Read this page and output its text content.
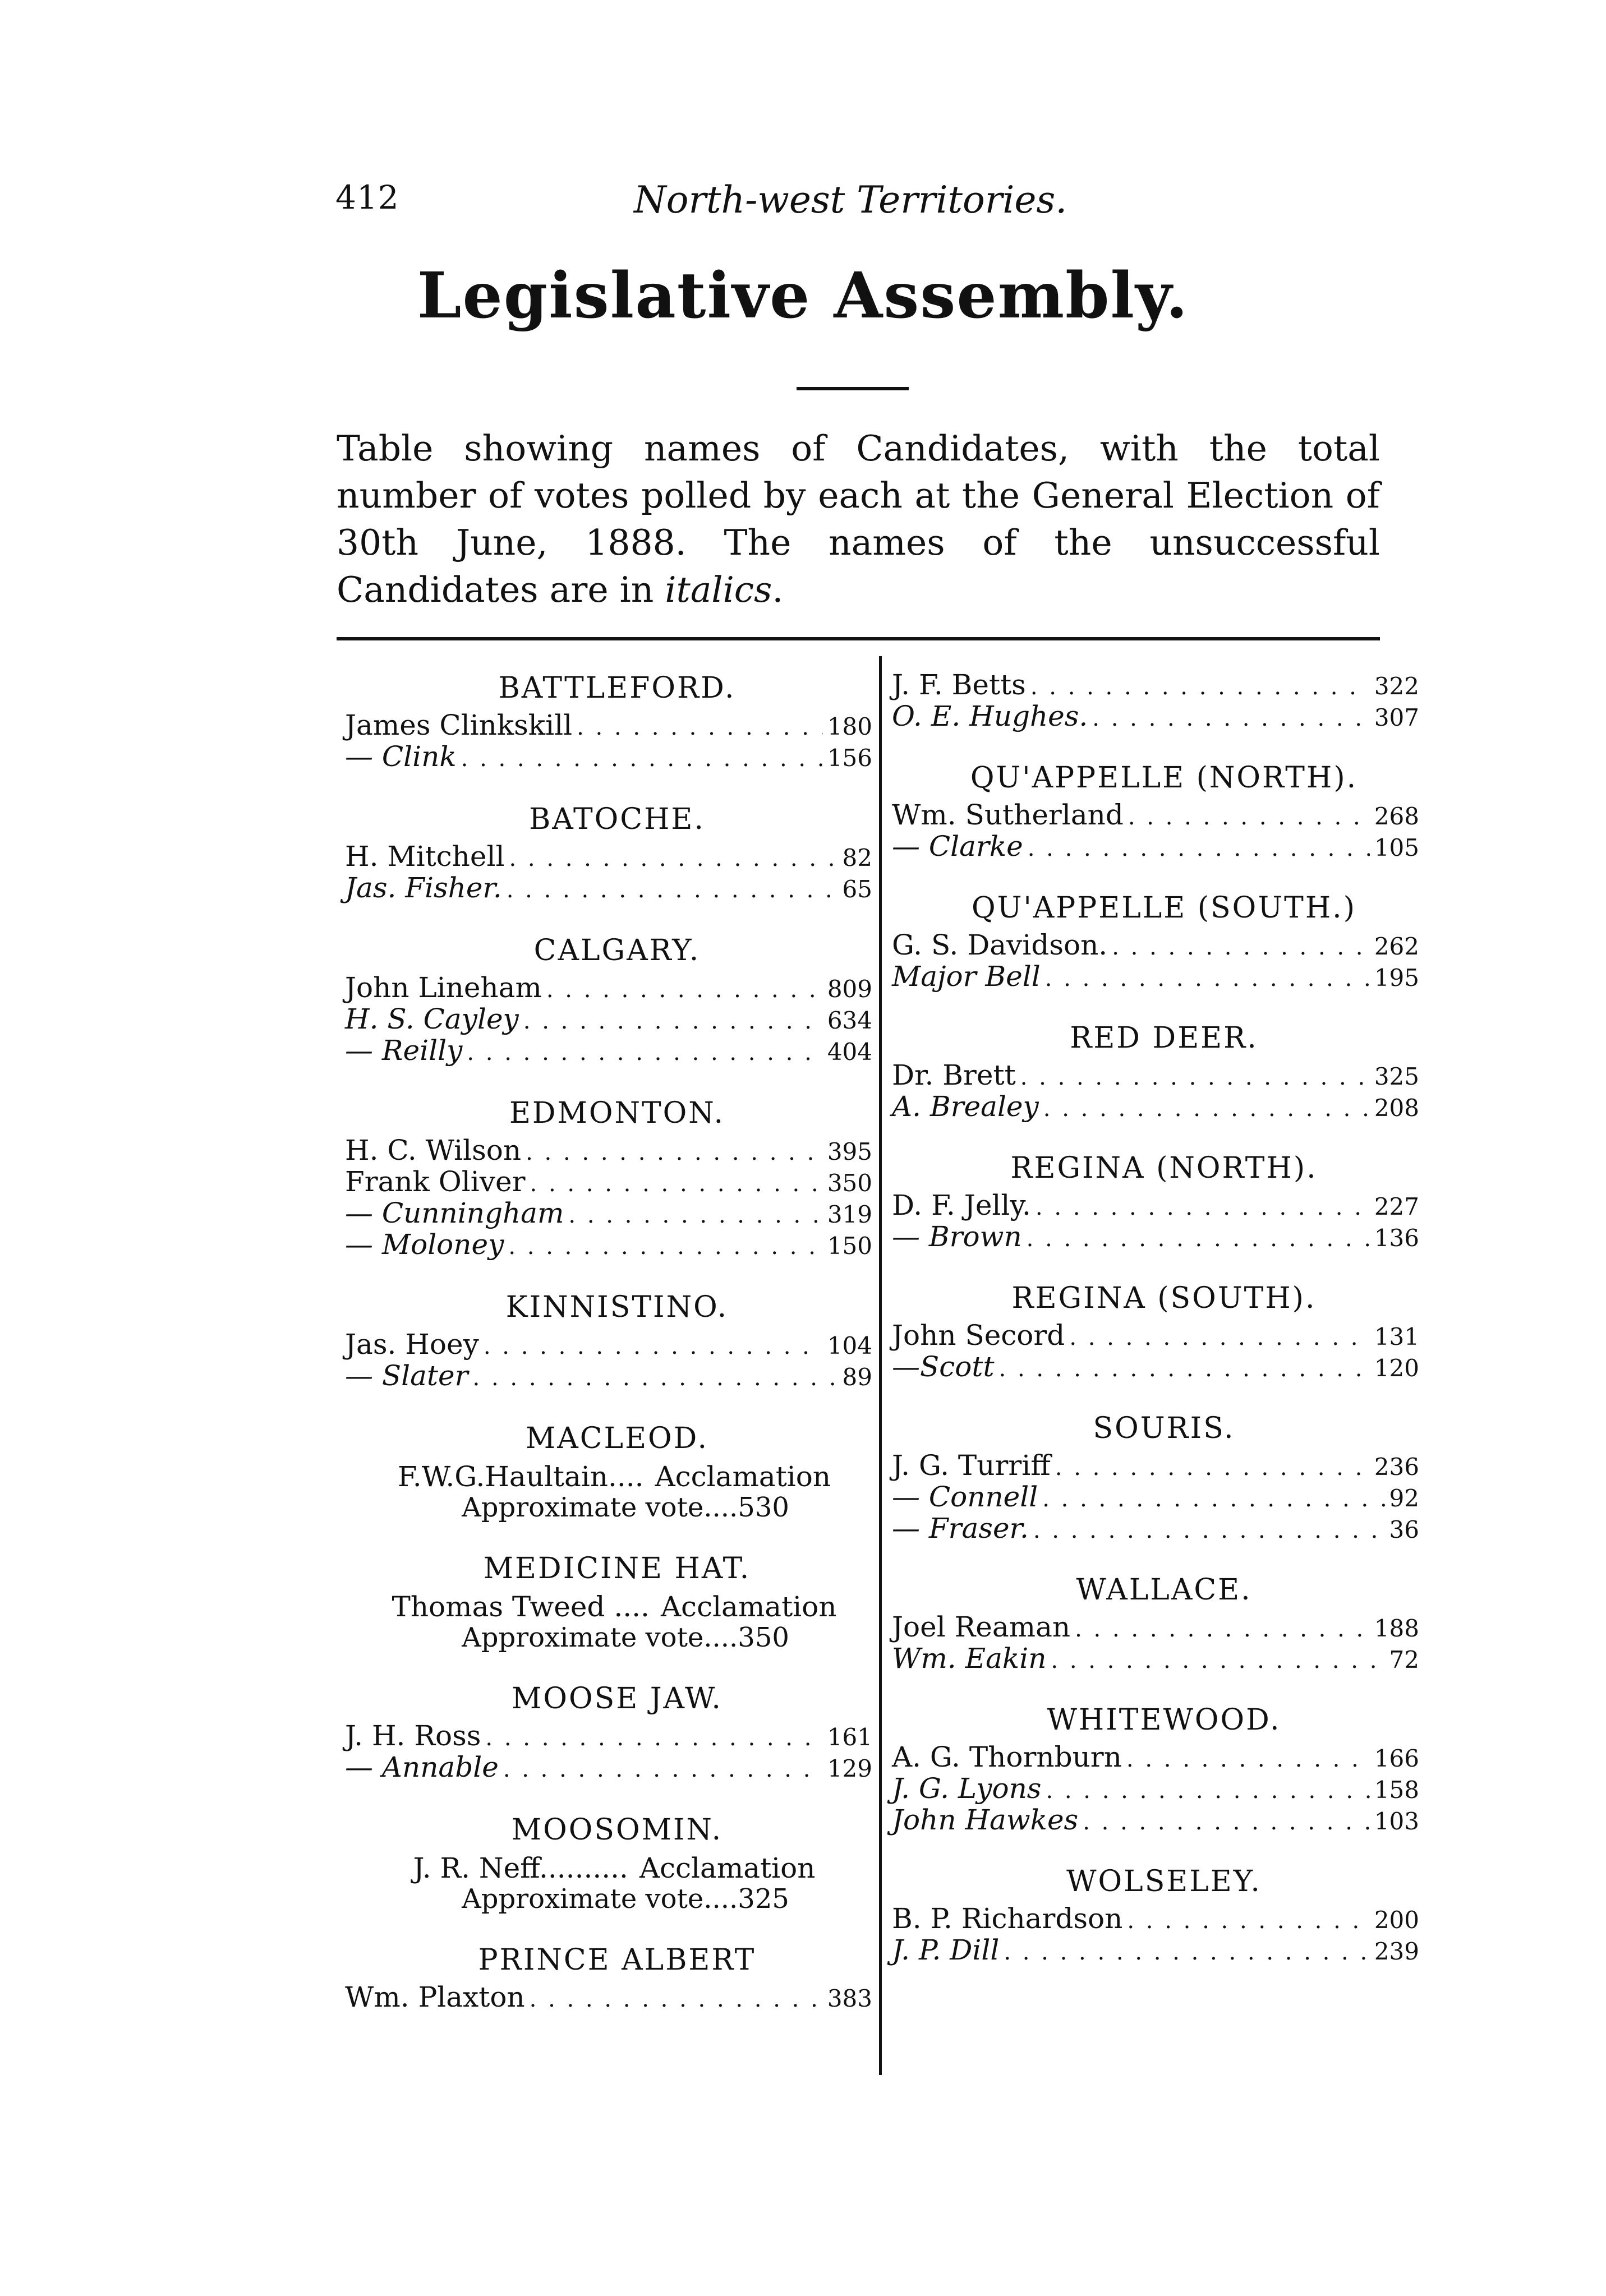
412	North-west Territories.
Legislative Assembly.
Table showing names of Candidates, with the total number of votes polled by each at the General Election of 30th June, 1888. The names of the unsuccessful Candidates are in italics.
BATTLEFORD.
James Clinkskill . . .	180
— Clink . . .	156
BATOCHE.
H. Mitchell . . .	82
Jas. Fisher. . . .	65
CALGARY.
John Lineham . . .	809
H. S. Cayley . . .	634
— Reilly . . .	404
EDMONTON.
H. C. Wilson . . .	395
Frank Oliver . . .	350
— Cunningham . . .	319
— Moloney . . .	150
KINNISTINO.
Jas. Hoey . . .	104
— Slater . . .	89
MACLEOD.
F.W.G.Haultain.... Acclamation
Approximate vote....530
MEDICINE HAT.
Thomas Tweed .... Acclamation
Approximate vote....350
MOOSE JAW.
J. H. Ross . . .	161
— Annable . . .	129
MOOSOMIN.
J. R. Neff.......... Acclamation
Approximate vote....325
PRINCE ALBERT
Wm. Plaxton . . .	383
J. F. Betts . . .	322
O. E. Hughes. . . .	307
QU'APPELLE (NORTH).
Wm. Sutherland . . .	268
— Clarke . . .	105
QU'APPELLE (SOUTH.)
G. S. Davidson. . . .	262
Major Bell . . .	195
RED DEER.
Dr. Brett . . .	325
A. Brealey . . .	208
REGINA (NORTH).
D. F. Jelly. . . .	227
— Brown . . .	136
REGINA (SOUTH).
John Secord . . .	131
—Scott . . .	120
SOURIS.
J. G. Turriff . . .	236
— Connell . . .	92
— Fraser. . . .	36
WALLACE.
Joel Reaman . . .	188
Wm. Eakin . . .	72
WHITEWOOD.
A. G. Thornburn . . .	166
J. G. Lyons . . .	158
John Hawkes . . .	103
WOLSELEY.
B. P. Richardson . . .	200
J. P. Dill . . .	239
